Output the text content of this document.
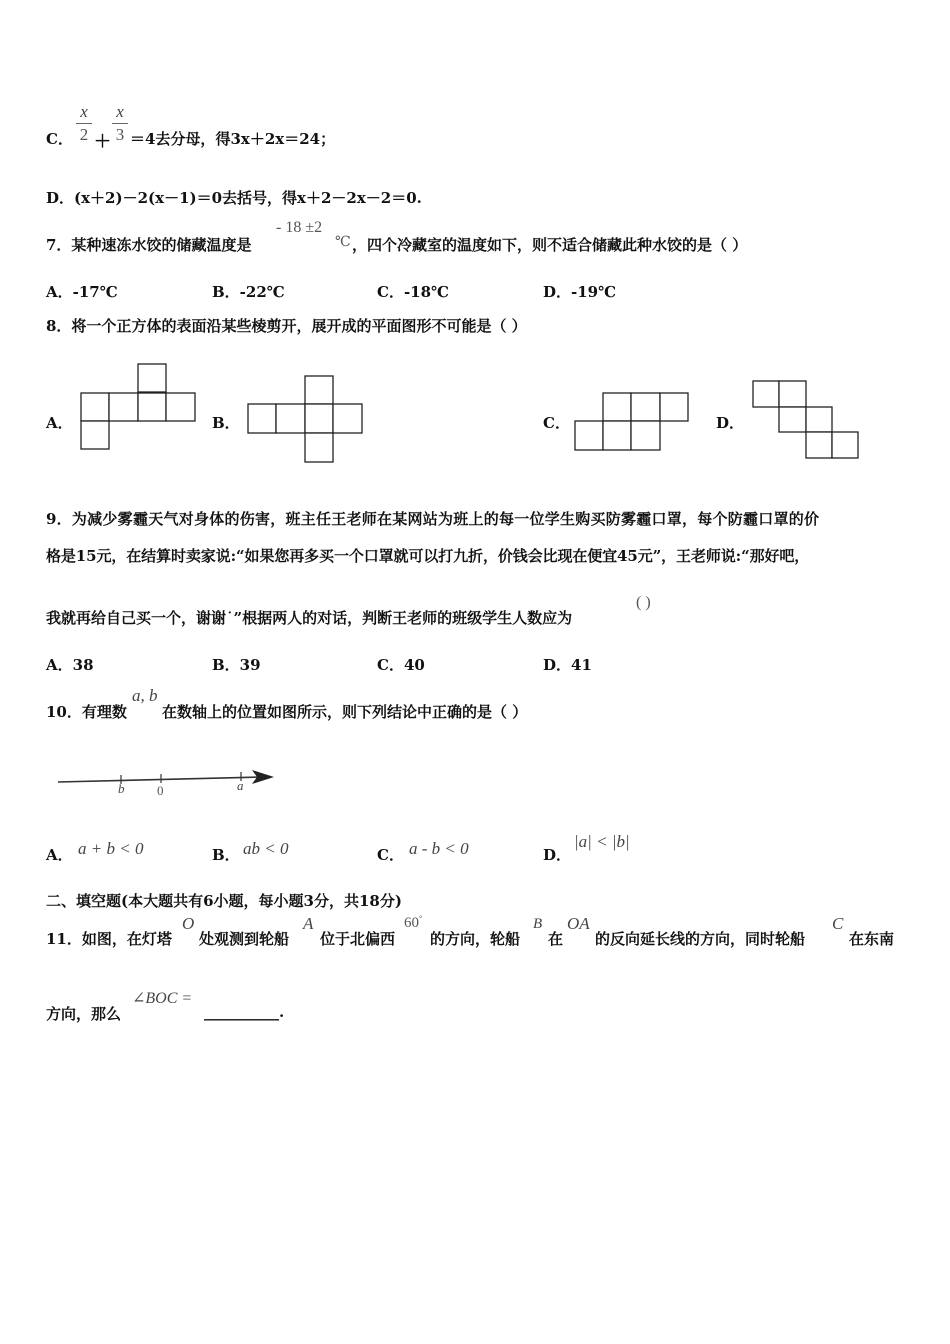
C．
x
2 ＋
x
3 ＝4去分母，得3x＋2x＝24；
D．(x＋2)－2(x－1)＝0去括号，得x＋2－2x－2＝0.
7．某种速冻水饺的储藏温度是
- 18 ±2
℃ ，四个冷藏室的温度如下，则不适合储藏此种水饺的是（ ）
A．-17℃	B．-22℃	C．-18℃	D．-19℃
8．将一个正方体的表面沿某些棱剪开，展开成的平面图形不可能是（ ）
A．	B．	C．	D．
9．为减少雾霾天气对身体的伤害，班主任王老师在某网站为班上的每一位学生购买防雾霾口罩，每个防霾口罩的价
格是15元，在结算时卖家说:“如果您再多买一个口罩就可以打九折，价钱会比现在便宜45元”，王老师说:“那好吧，
我就再给自己买一个，谢谢˙”根据两人的对话，判断王老师的班级学生人数应为
( )
A．38	B．39	C．40	D．41
10．有理数
a, b
在数轴上的位置如图所示，则下列结论中正确的是（ ）
b	0	a
A． a + b < 0	B． ab < 0	C． a - b < 0	D．
|a| < |b|
二、填空题(本大题共有6小题，每小题3分，共18分)
11．如图，在灯塔
O
处观测到轮船
A
位于北偏西
60°
的方向，轮船
B
在
OA
的反向延长线的方向，同时轮船
C
在东南
方向，那么
∠BOC =
__________.
